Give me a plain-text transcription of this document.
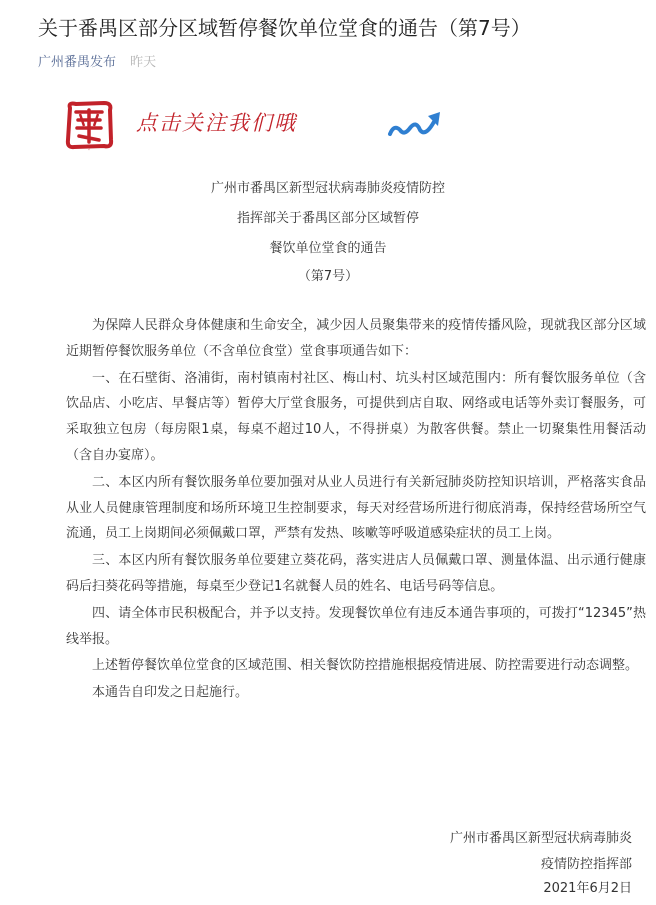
关于番禺区部分区域暂停餐饮单位堂食的通告（第7号）
广州番禺发布 昨天
番禺
点击关注我们哦
广州市番禺区新型冠状病毒肺炎疫情防控
指挥部关于番禺区部分区域暂停
餐饮单位堂食的通告
（第7号）

为保障人民群众身体健康和生命安全，减少因人员聚集带来的疫情传播风险，现就我区部分区域近期暂停餐饮服务单位（不含单位食堂）堂食事项通告如下：

一、在石壁街、洛浦街，南村镇南村社区、梅山村、坑头村区域范围内：所有餐饮服务单位（含饮品店、小吃店、早餐店等）暂停大厅堂食服务，可提供到店自取、网络或电话等外卖订餐服务，可采取独立包房（每房限1桌，每桌不超过10人，不得拼桌）为散客供餐。禁止一切聚集性用餐活动（含自办宴席）。

二、本区内所有餐饮服务单位要加强对从业人员进行有关新冠肺炎防控知识培训，严格落实食品从业人员健康管理制度和场所环境卫生控制要求，每天对经营场所进行彻底消毒，保持经营场所空气流通，员工上岗期间必须佩戴口罩，严禁有发热、咳嗽等呼吸道感染症状的员工上岗。

三、本区内所有餐饮服务单位要建立葵花码，落实进店人员佩戴口罩、测量体温、出示通行健康码后扫葵花码等措施，每桌至少登记1名就餐人员的姓名、电话号码等信息。

四、请全体市民积极配合，并予以支持。发现餐饮单位有违反本通告事项的，可拨打“12345”热线举报。

上述暂停餐饮单位堂食的区域范围、相关餐饮防控措施根据疫情进展、防控需要进行动态调整。

本通告自印发之日起施行。

广州市番禺区新型冠状病毒肺炎
疫情防控指挥部
2021年6月2日
